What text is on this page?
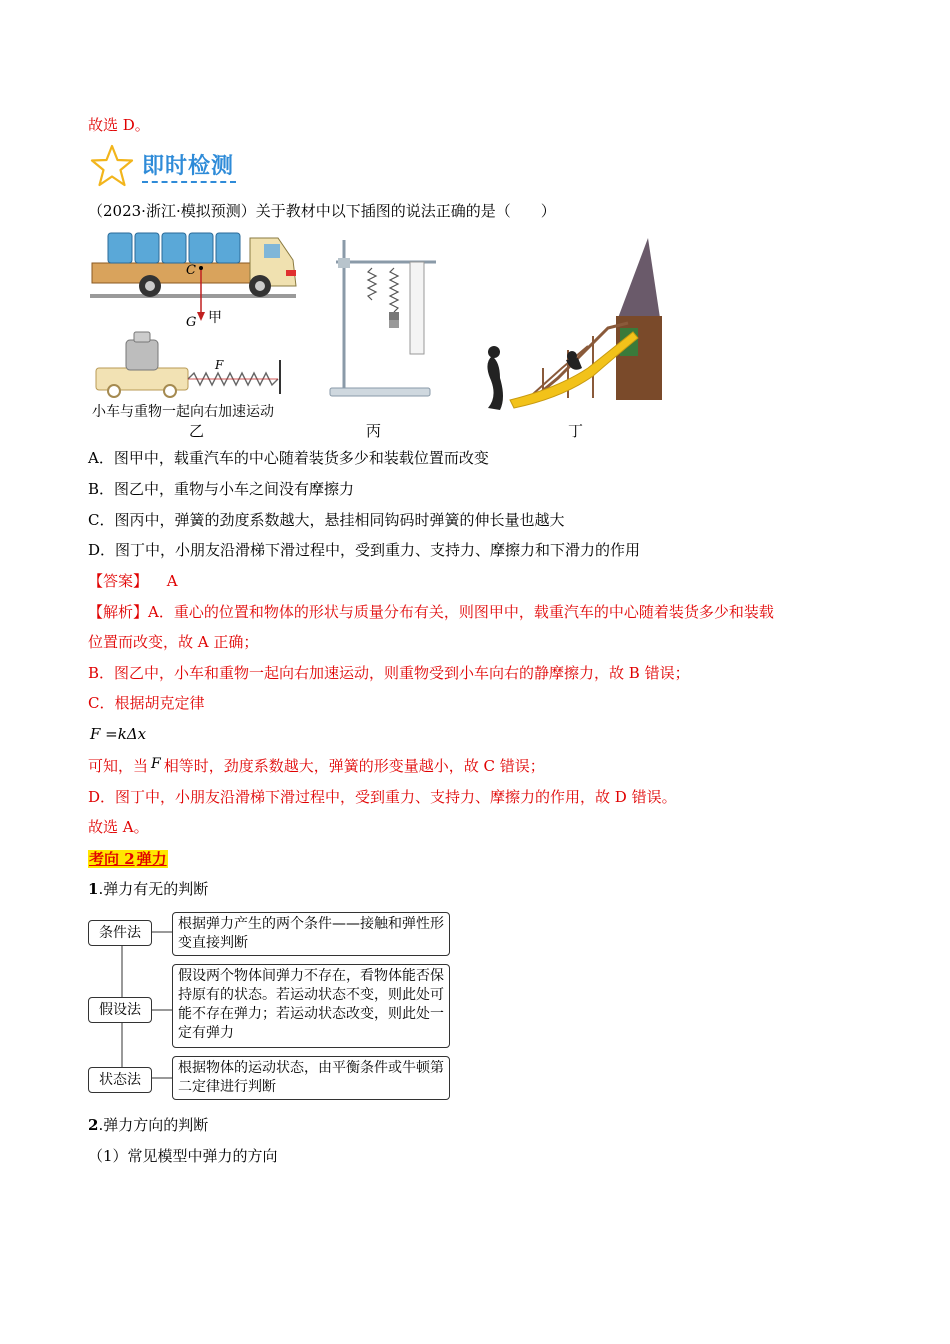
故选 D。
即时检测
（2023·浙江·模拟预测）关于教材中以下插图的说法正确的是（　　）
C
G 甲
F
小车与重物一起向右加速运动
乙	丙	丁
A．图甲中，载重汽车的中心随着装货多少和装载位置而改变
B．图乙中，重物与小车之间没有摩擦力
C．图丙中，弹簧的劲度系数越大，悬挂相同钩码时弹簧的伸长量也越大
D．图丁中，小朋友沿滑梯下滑过程中，受到重力、支持力、摩擦力和下滑力的作用
【答案】 A
【解析】A．重心的位置和物体的形状与质量分布有关，则图甲中，载重汽车的中心随着装货多少和装载
位置而改变，故 A 正确；
B．图乙中，小车和重物一起向右加速运动，则重物受到小车向右的静摩擦力，故 B 错误；
C．根据胡克定律
F =kΔx
可知，当 F 相等时，劲度系数越大，弹簧的形变量越小，故 C 错误；
D．图丁中，小朋友沿滑梯下滑过程中，受到重力、支持力、摩擦力的作用，故 D 错误。
故选 A。
考向 2 弹力
1.弹力有无的判断
条件法
根据弹力产生的两个条件——接触和弹性形变直接判断
假设法
假设两个物体间弹力不存在，看物体能否保持原有的状态。若运动状态不变，则此处可能不存在弹力；若运动状态改变，则此处一定有弹力
状态法
根据物体的运动状态，由平衡条件或牛顿第二定律进行判断
2.弹力方向的判断
（1）常见模型中弹力的方向
